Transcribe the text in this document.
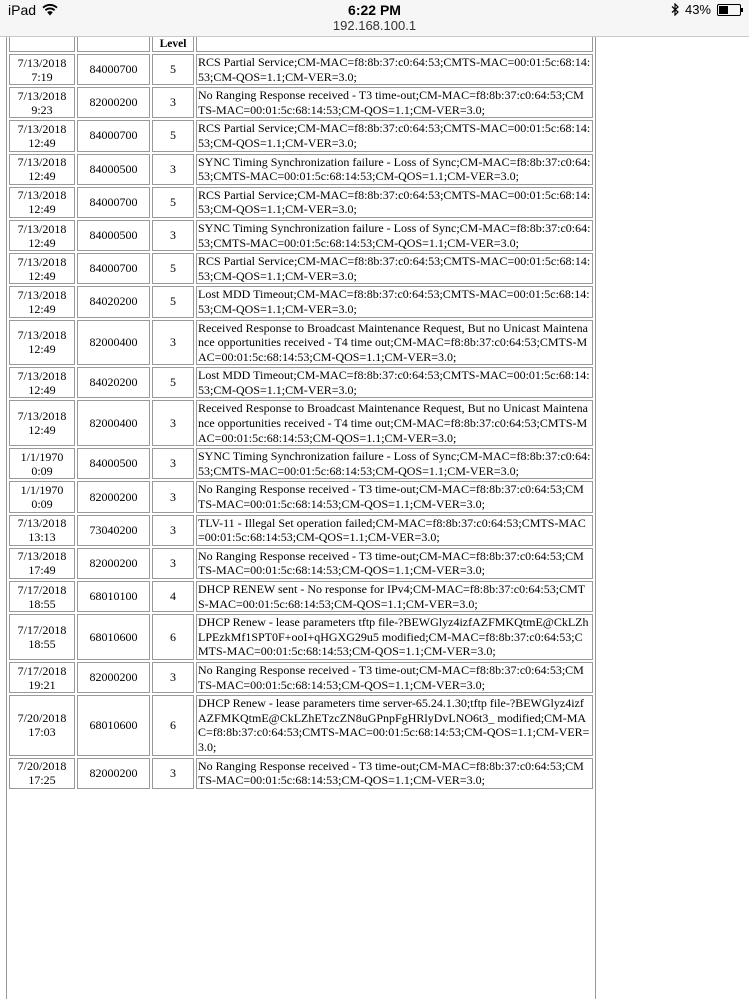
iPad	6:22 PM
192.168.100.1
43%
		Level	
7/13/2018 7:19	84000700	5	RCS Partial Service;CM-MAC=f8:8b:37:c0:64:53;CMTS-MAC=00:01:5c:68:14:53;CM-QOS=1.1;CM-VER=3.0;
7/13/2018 9:23	82000200	3	No Ranging Response received - T3 time-out;CM-MAC=f8:8b:37:c0:64:53;CMTS-MAC=00:01:5c:68:14:53;CM-QOS=1.1;CM-VER=3.0;
7/13/2018 12:49	84000700	5	RCS Partial Service;CM-MAC=f8:8b:37:c0:64:53;CMTS-MAC=00:01:5c:68:14:53;CM-QOS=1.1;CM-VER=3.0;
7/13/2018 12:49	84000500	3	SYNC Timing Synchronization failure - Loss of Sync;CM-MAC=f8:8b:37:c0:64:53;CMTS-MAC=00:01:5c:68:14:53;CM-QOS=1.1;CM-VER=3.0;
7/13/2018 12:49	84000700	5	RCS Partial Service;CM-MAC=f8:8b:37:c0:64:53;CMTS-MAC=00:01:5c:68:14:53;CM-QOS=1.1;CM-VER=3.0;
7/13/2018 12:49	84000500	3	SYNC Timing Synchronization failure - Loss of Sync;CM-MAC=f8:8b:37:c0:64:53;CMTS-MAC=00:01:5c:68:14:53;CM-QOS=1.1;CM-VER=3.0;
7/13/2018 12:49	84000700	5	RCS Partial Service;CM-MAC=f8:8b:37:c0:64:53;CMTS-MAC=00:01:5c:68:14:53;CM-QOS=1.1;CM-VER=3.0;
7/13/2018 12:49	84020200	5	Lost MDD Timeout;CM-MAC=f8:8b:37:c0:64:53;CMTS-MAC=00:01:5c:68:14:53;CM-QOS=1.1;CM-VER=3.0;
7/13/2018 12:49	82000400	3	Received Response to Broadcast Maintenance Request, But no Unicast Maintenance opportunities received - T4 time out;CM-MAC=f8:8b:37:c0:64:53;CMTS-MAC=00:01:5c:68:14:53;CM-QOS=1.1;CM-VER=3.0;
7/13/2018 12:49	84020200	5	Lost MDD Timeout;CM-MAC=f8:8b:37:c0:64:53;CMTS-MAC=00:01:5c:68:14:53;CM-QOS=1.1;CM-VER=3.0;
7/13/2018 12:49	82000400	3	Received Response to Broadcast Maintenance Request, But no Unicast Maintenance opportunities received - T4 time out;CM-MAC=f8:8b:37:c0:64:53;CMTS-MAC=00:01:5c:68:14:53;CM-QOS=1.1;CM-VER=3.0;
1/1/1970 0:09	84000500	3	SYNC Timing Synchronization failure - Loss of Sync;CM-MAC=f8:8b:37:c0:64:53;CMTS-MAC=00:01:5c:68:14:53;CM-QOS=1.1;CM-VER=3.0;
1/1/1970 0:09	82000200	3	No Ranging Response received - T3 time-out;CM-MAC=f8:8b:37:c0:64:53;CMTS-MAC=00:01:5c:68:14:53;CM-QOS=1.1;CM-VER=3.0;
7/13/2018 13:13	73040200	3	TLV-11 - Illegal Set operation failed;CM-MAC=f8:8b:37:c0:64:53;CMTS-MAC=00:01:5c:68:14:53;CM-QOS=1.1;CM-VER=3.0;
7/13/2018 17:49	82000200	3	No Ranging Response received - T3 time-out;CM-MAC=f8:8b:37:c0:64:53;CMTS-MAC=00:01:5c:68:14:53;CM-QOS=1.1;CM-VER=3.0;
7/17/2018 18:55	68010100	4	DHCP RENEW sent - No response for IPv4;CM-MAC=f8:8b:37:c0:64:53;CMTS-MAC=00:01:5c:68:14:53;CM-QOS=1.1;CM-VER=3.0;
7/17/2018 18:55	68010600	6	DHCP Renew - lease parameters tftp file-?BEWGlyz4izfAZFMKQtmE@CkLZhLPEzkMf1SPT0F+ooI+qHGXG29u5 modified;CM-MAC=f8:8b:37:c0:64:53;CMTS-MAC=00:01:5c:68:14:53;CM-QOS=1.1;CM-VER=3.0;
7/17/2018 19:21	82000200	3	No Ranging Response received - T3 time-out;CM-MAC=f8:8b:37:c0:64:53;CMTS-MAC=00:01:5c:68:14:53;CM-QOS=1.1;CM-VER=3.0;
7/20/2018 17:03	68010600	6	DHCP Renew - lease parameters time server-65.24.1.30;tftp file-?BEWGlyz4izfAZFMKQtmE@CkLZhETzcZN8uGPnpFgHRlyDvLNO6t3_ modified;CM-MAC=f8:8b:37:c0:64:53;CMTS-MAC=00:01:5c:68:14:53;CM-QOS=1.1;CM-VER=3.0;
7/20/2018 17:25	82000200	3	No Ranging Response received - T3 time-out;CM-MAC=f8:8b:37:c0:64:53;CMTS-MAC=00:01:5c:68:14:53;CM-QOS=1.1;CM-VER=3.0;
